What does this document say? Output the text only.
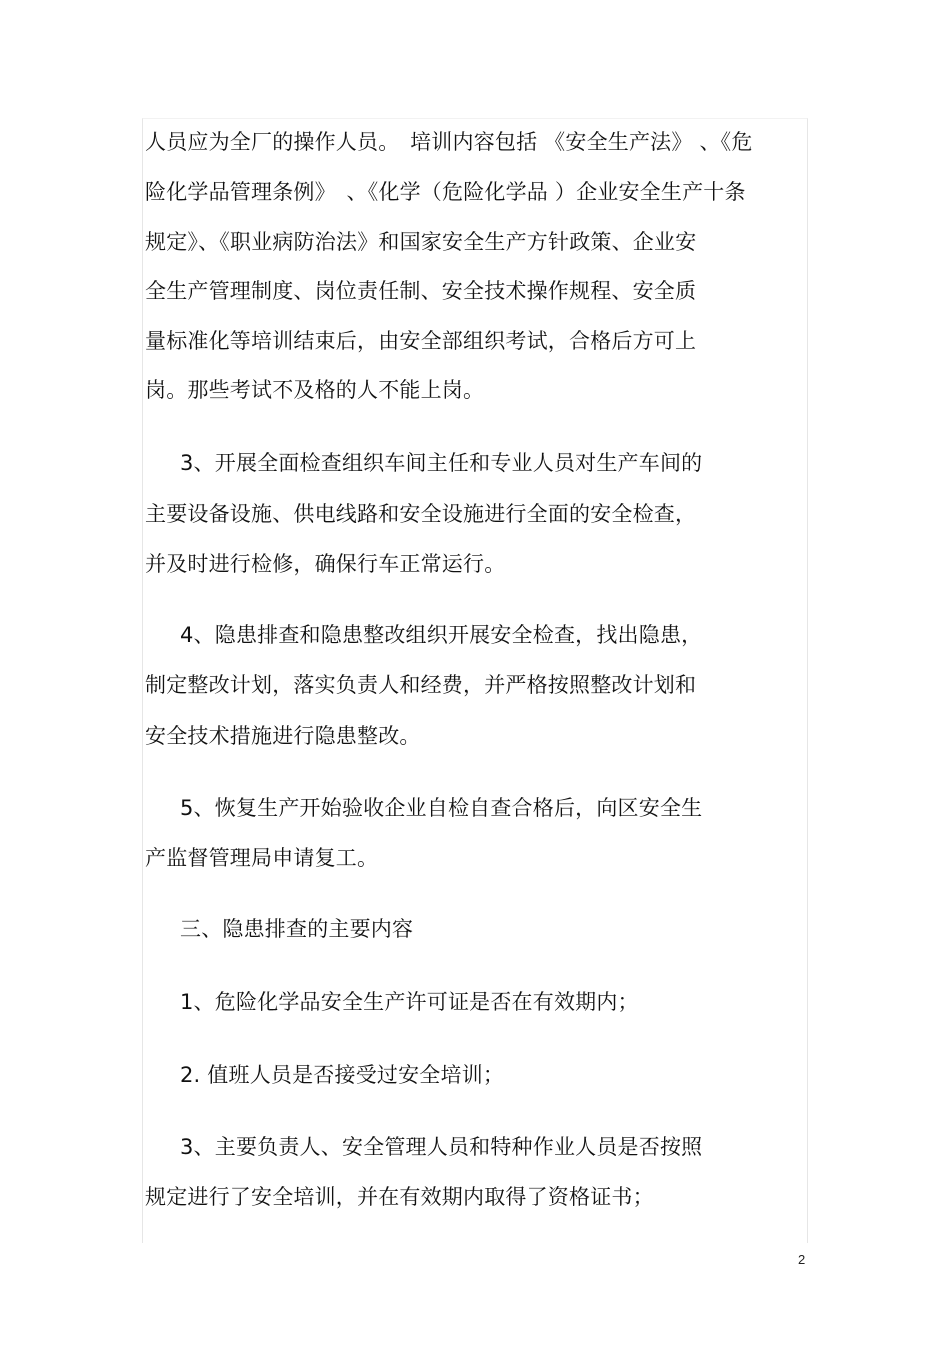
人员应为全厂的操作人员。　培训内容包括 《安全生产法》 、《危
险化学品管理条例》　、《化学（危险化学品 ）企业安全生产十条
规定》、《职业病防治法》和国家安全生产方针政策、企业安
全生产管理制度、岗位责任制、安全技术操作规程、安全质
量标准化等培训结束后，由安全部组织考试，合格后方可上
岗。那些考试不及格的人不能上岗。
3、开展全面检查组织车间主任和专业人员对生产车间的
主要设备设施、供电线路和安全设施进行全面的安全检查，
并及时进行检修，确保行车正常运行。
4、隐患排查和隐患整改组织开展安全检查，找出隐患，
制定整改计划，落实负责人和经费，并严格按照整改计划和
安全技术措施进行隐患整改。
5、恢复生产开始验收企业自检自查合格后，向区安全生
产监督管理局申请复工。
三、隐患排查的主要内容
1、危险化学品安全生产许可证是否在有效期内；
2. 值班人员是否接受过安全培训；
3、主要负责人、安全管理人员和特种作业人员是否按照
规定进行了安全培训，并在有效期内取得了资格证书；
2
